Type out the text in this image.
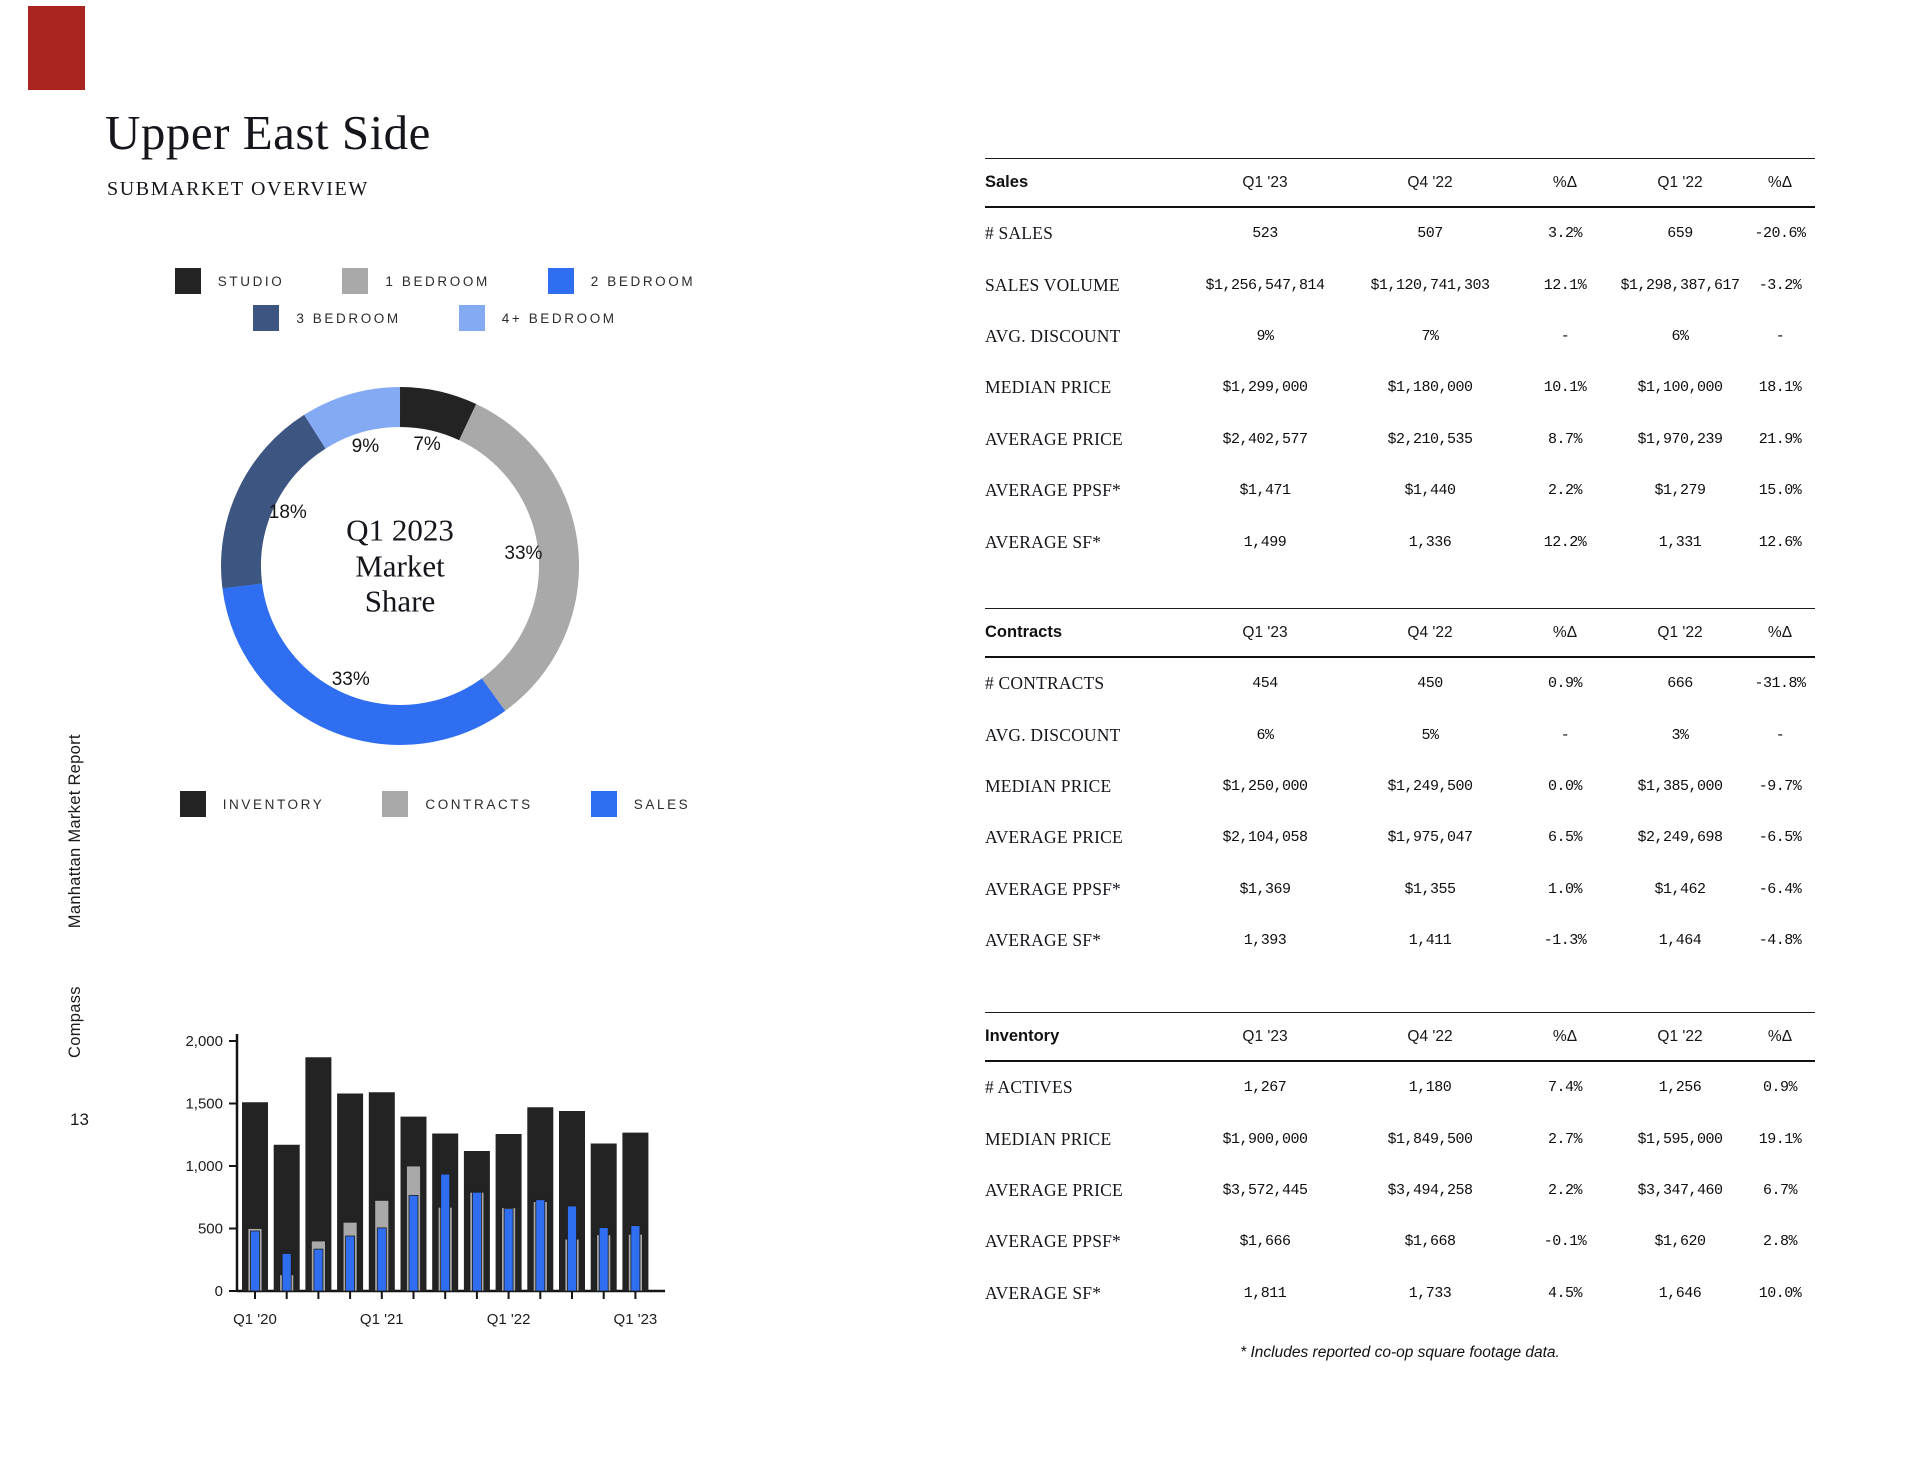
Upper East Side
SUBMARKET OVERVIEW
STUDIO	1 BEDROOM	2 BEDROOM
3 BEDROOM	4+ BEDROOM
Q1 2023
Market
Share
7%
33%
33%
18%
9%
INVENTORY	CONTRACTS	SALES
0
500
1,000
1,500
2,000
Q1 '20	Q1 '21	Q1 '22	Q1 '23
CompassManhattan Market Report
13
Sales	Q1 '23	Q4 '22	%Δ	Q1 '22	%Δ
# SALES	523	507	3.2%	659	-20.6%
SALES VOLUME	$1,256,547,814	$1,120,741,303	12.1%	$1,298,387,617	-3.2%
AVG. DISCOUNT	9%	7%	-	6%	-
MEDIAN PRICE	$1,299,000	$1,180,000	10.1%	$1,100,000	18.1%
AVERAGE PRICE	$2,402,577	$2,210,535	8.7%	$1,970,239	21.9%
AVERAGE PPSF*	$1,471	$1,440	2.2%	$1,279	15.0%
AVERAGE SF*	1,499	1,336	12.2%	1,331	12.6%
Contracts	Q1 '23	Q4 '22	%Δ	Q1 '22	%Δ
# CONTRACTS	454	450	0.9%	666	-31.8%
AVG. DISCOUNT	6%	5%	-	3%	-
MEDIAN PRICE	$1,250,000	$1,249,500	0.0%	$1,385,000	-9.7%
AVERAGE PRICE	$2,104,058	$1,975,047	6.5%	$2,249,698	-6.5%
AVERAGE PPSF*	$1,369	$1,355	1.0%	$1,462	-6.4%
AVERAGE SF*	1,393	1,411	-1.3%	1,464	-4.8%
Inventory	Q1 '23	Q4 '22	%Δ	Q1 '22	%Δ
# ACTIVES	1,267	1,180	7.4%	1,256	0.9%
MEDIAN PRICE	$1,900,000	$1,849,500	2.7%	$1,595,000	19.1%
AVERAGE PRICE	$3,572,445	$3,494,258	2.2%	$3,347,460	6.7%
AVERAGE PPSF*	$1,666	$1,668	-0.1%	$1,620	2.8%
AVERAGE SF*	1,811	1,733	4.5%	1,646	10.0%
* Includes reported co-op square footage data.
